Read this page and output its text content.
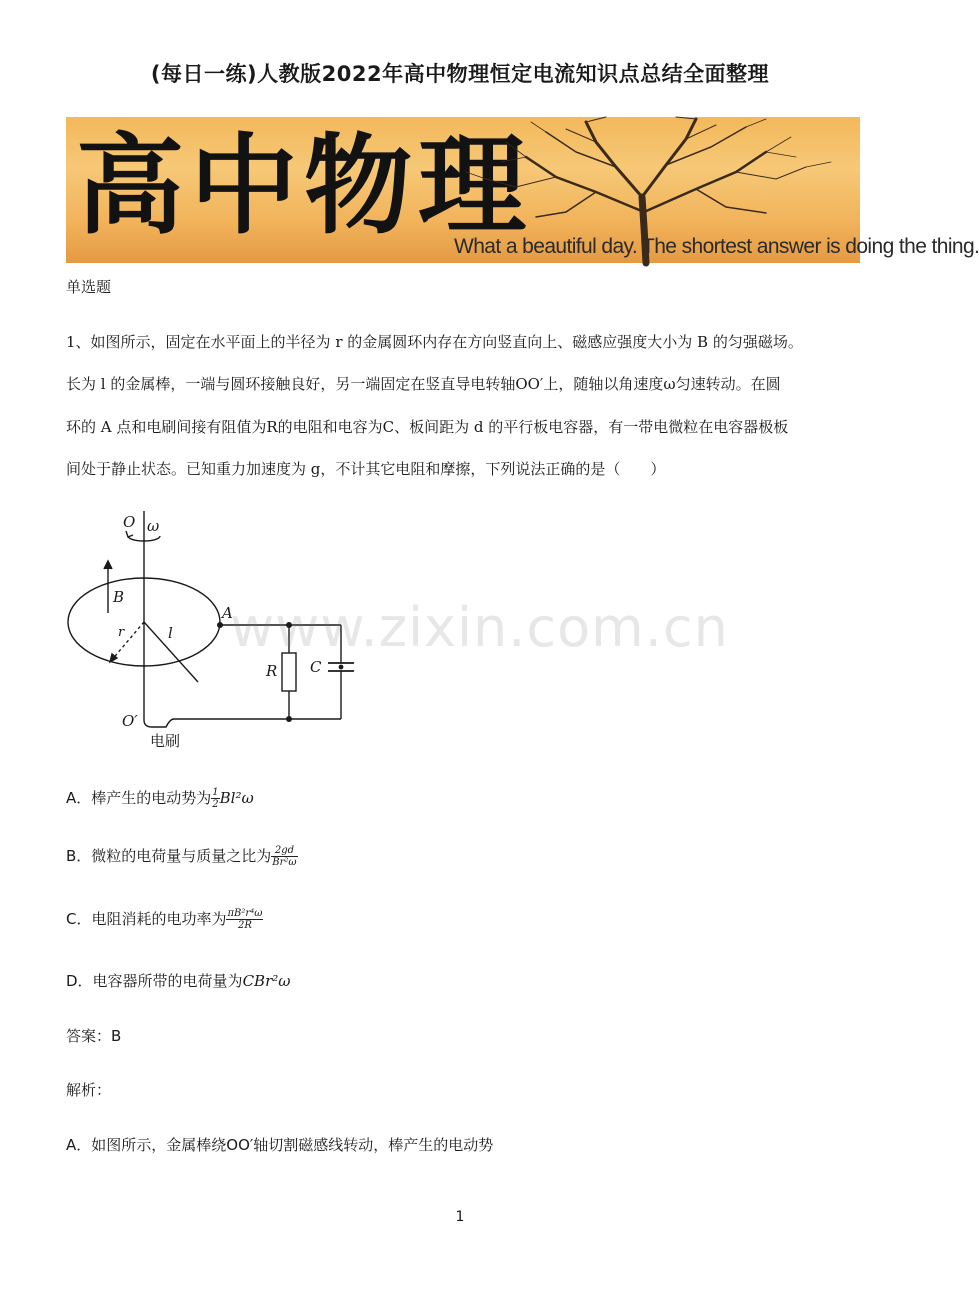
(每日一练)人教版2022年高中物理恒定电流知识点总结全面整理
高中物理
What a beautiful day. The shortest answer is doing the thing.
单选题
1、如图所示，固定在水平面上的半径为 r 的金属圆环内存在方向竖直向上、磁感应强度大小为 B 的匀强磁场。
长为 l 的金属棒，一端与圆环接触良好，另一端固定在竖直导电转轴OO′上，随轴以角速度ω匀速转动。在圆
环的 A 点和电刷间接有阻值为R的电阻和电容为C、板间距为 d 的平行板电容器，有一带电微粒在电容器极板
间处于静止状态。已知重力加速度为 g，不计其它电阻和摩擦，下列说法正确的是（　　）
O ω
B
A
r	l
R C
O′
电刷
www.zixin.com.cn
A．棒产生的电动势为 $\frac{1}{2} Bl^2\omega$
B．微粒的电荷量与质量之比为 $\frac{2gd}{\text{Br²ω}}$
C．电阻消耗的电功率为 $\frac{\text{πB²r⁴ω}}{2R}$
D．电容器所带的电荷量为CBr²ω
答案：B
解析：
A．如图所示，金属棒绕OO′轴切割磁感线转动，棒产生的电动势
1
